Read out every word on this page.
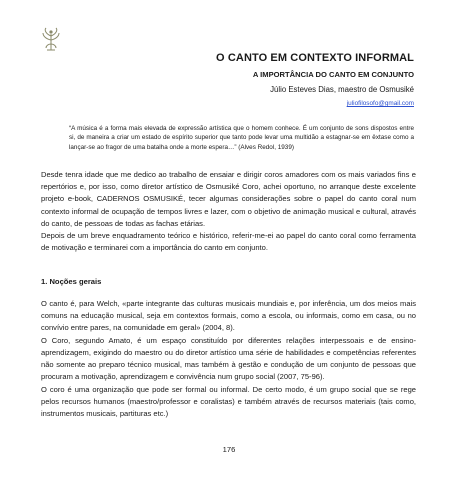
O CANTO EM CONTEXTO INFORMAL
A IMPORTÂNCIA DO CANTO EM CONJUNTO
Júlio Esteves Dias, maestro de Osmusiké
juliofilosofo@gmail.com
“A música é a forma mais elevada de expressão artística que o homem conhece. É um conjunto de sons dispostos entre si, de maneira a criar um estado de espírito superior que tanto pode levar uma multidão a estagnar-se em êxtase como a lançar-se ao fragor de uma batalha onde a morte espera…” (Alves Redol, 1939)

Desde tenra idade que me dedico ao trabalho de ensaiar e dirigir coros amadores com os mais variados fins e repertórios e, por isso, como diretor artístico de Osmusiké Coro, achei oportuno, no arranque deste excelente projeto e-book, CADERNOS OSMUSIKÉ, tecer algumas considerações sobre o papel do canto coral num contexto informal de ocupação de tempos livres e lazer, com o objetivo de animação musical e cultural, através do canto, de pessoas de todas as fachas etárias.

Depois de um breve enquadramento teórico e histórico, referir-me-ei ao papel do canto coral como ferramenta de motivação e terminarei com a importância do canto em conjunto.

1. Noções gerais

O canto é, para Welch, «parte integrante das culturas musicais mundiais e, por inferência, um dos meios mais comuns na educação musical, seja em contextos formais, como a escola, ou informais, como em casa, ou no convívio entre pares, na comunidade em geral» (2004, 8).

O Coro, segundo Amato, é um espaço constituído por diferentes relações interpessoais e de ensino-aprendizagem, exigindo do maestro ou do diretor artístico uma série de habilidades e competências referentes não somente ao preparo técnico musical, mas também à gestão e condução de um conjunto de pessoas que procuram a motivação, aprendizagem e convivência num grupo social (2007, 75-96).

O coro é uma organização que pode ser formal ou informal. De certo modo, é um grupo social que se rege pelos recursos humanos (maestro/professor e coralistas) e também através de recursos materiais (tais como, instrumentos musicais, partituras etc.)

176
